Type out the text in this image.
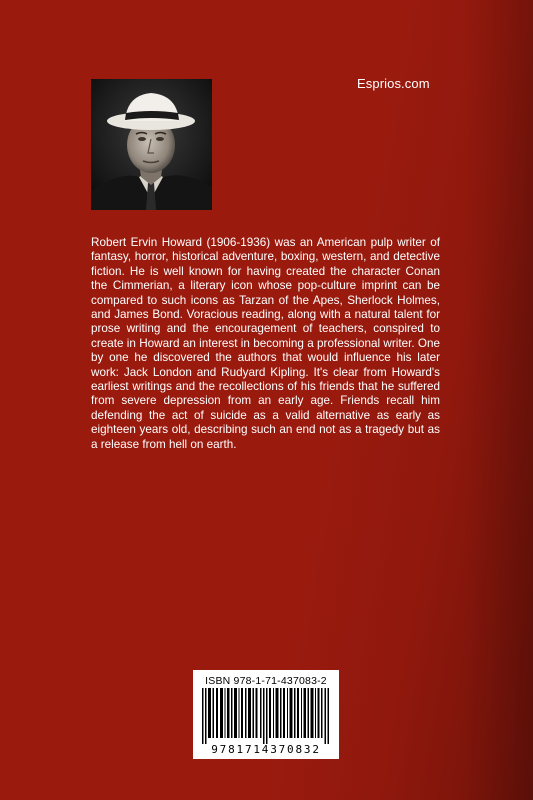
Esprios.com
Robert Ervin Howard (1906-1936) was an American pulp writer of fantasy, horror, historical adventure, boxing, western, and detective fiction. He is well known for having created the character Conan the Cimmerian, a literary icon whose pop-culture imprint can be compared to such icons as Tarzan of the Apes, Sherlock Holmes, and James Bond. Voracious reading, along with a natural talent for prose writing and the encouragement of teachers, conspired to create in Howard an interest in becoming a professional writer. One by one he discovered the authors that would influence his later work: Jack London and Rudyard Kipling. It's clear from Howard's earliest writings and the recollections of his friends that he suffered from severe depression from an early age. Friends recall him defending the act of suicide as a valid alternative as early as eighteen years old, describing such an end not as a tragedy but as a release from hell on earth.
ISBN 978-1-71-437083-2
9781714370832
